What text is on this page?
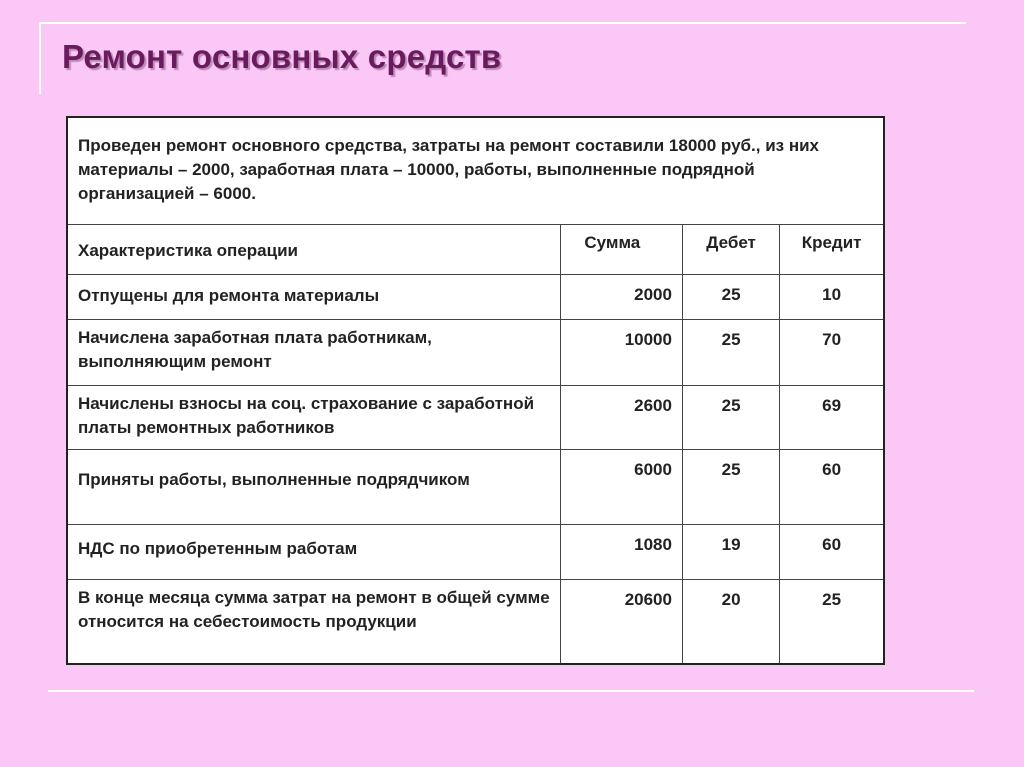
Ремонт основных средств
Проведен ремонт основного средства, затраты на ремонт составили 18000 руб., из них материалы – 2000, заработная плата – 10000, работы, выполненные подрядной организацией – 6000.			
Характеристика операции	Сумма	Дебет	Кредит
Отпущены для ремонта материалы	2000	25	10
Начислена заработная плата работникам, выполняющим ремонт	10000	25	70
Начислены взносы на соц. страхование с заработной платы ремонтных работников	2600	25	69
Приняты работы, выполненные подрядчиком	6000	25	60
НДС по приобретенным работам	1080	19	60
В конце месяца сумма затрат на ремонт в общей сумме относится на себестоимость продукции	20600	20	25
